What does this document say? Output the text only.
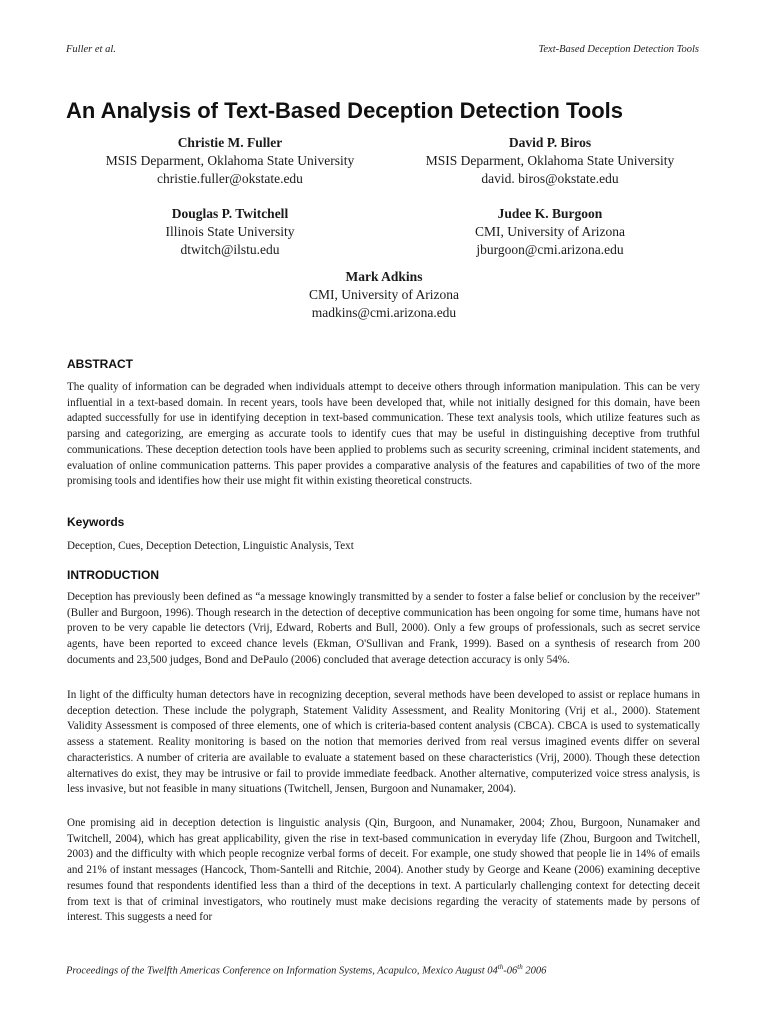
Fuller et al.	Text-Based Deception Detection Tools
An Analysis of Text-Based Deception Detection Tools
Christie M. Fuller
MSIS Deparment, Oklahoma State University
christie.fuller@okstate.edu
David P. Biros
MSIS Deparment, Oklahoma State University
david. biros@okstate.edu
Douglas P. Twitchell
Illinois State University
dtwitch@ilstu.edu
Judee K. Burgoon
CMI, University of Arizona
jburgoon@cmi.arizona.edu
Mark Adkins
CMI, University of Arizona
madkins@cmi.arizona.edu
ABSTRACT

The quality of information can be degraded when individuals attempt to deceive others through information manipulation. This can be very influential in a text-based domain. In recent years, tools have been developed that, while not initially designed for this domain, have been adapted successfully for use in identifying deception in text-based communication. These text analysis tools, which utilize features such as parsing and categorizing, are emerging as accurate tools to identify cues that may be useful in distinguishing deceptive from truthful communications. These deception detection tools have been applied to problems such as security screening, criminal incident statements, and evaluation of online communication patterns. This paper provides a comparative analysis of the features and capabilities of two of the more promising tools and identifies how their use might fit within existing theoretical constructs.

Keywords

Deception, Cues, Deception Detection, Linguistic Analysis, Text

INTRODUCTION

Deception has previously been defined as “a message knowingly transmitted by a sender to foster a false belief or conclusion by the receiver” (Buller and Burgoon, 1996). Though research in the detection of deceptive communication has been ongoing for some time, humans have not proven to be very capable lie detectors (Vrij, Edward, Roberts and Bull, 2000). Only a few groups of professionals, such as secret service agents, have been reported to exceed chance levels (Ekman, O'Sullivan and Frank, 1999). Based on a synthesis of research from 200 documents and 23,500 judges, Bond and DePaulo (2006) concluded that average detection accuracy is only 54%.

In light of the difficulty human detectors have in recognizing deception, several methods have been developed to assist or replace humans in deception detection. These include the polygraph, Statement Validity Assessment, and Reality Monitoring (Vrij et al., 2000). Statement Validity Assessment is composed of three elements, one of which is criteria-based content analysis (CBCA). CBCA is used to systematically assess a statement. Reality monitoring is based on the notion that memories derived from real versus imagined events differ on several characteristics. A number of criteria are available to evaluate a statement based on these characteristics (Vrij, 2000). Though these detection alternatives do exist, they may be intrusive or fail to provide immediate feedback. Another alternative, computerized voice stress analysis, is less invasive, but not feasible in many situations (Twitchell, Jensen, Burgoon and Nunamaker, 2004).

One promising aid in deception detection is linguistic analysis (Qin, Burgoon, and Nunamaker, 2004; Zhou, Burgoon, Nunamaker and Twitchell, 2004), which has great applicability, given the rise in text-based communication in everyday life (Zhou, Burgoon and Twitchell, 2003) and the difficulty with which people recognize verbal forms of deceit. For example, one study showed that people lie in 14% of emails and 21% of instant messages (Hancock, Thom-Santelli and Ritchie, 2004). Another study by George and Keane (2006) examining deceptive resumes found that respondents identified less than a third of the deceptions in text. A particularly challenging context for detecting deceit from text is that of criminal investigators, who routinely must make decisions regarding the veracity of statements made by persons of interest. This suggests a need for

Proceedings of the Twelfth Americas Conference on Information Systems, Acapulco, Mexico August 04th-06th 2006
